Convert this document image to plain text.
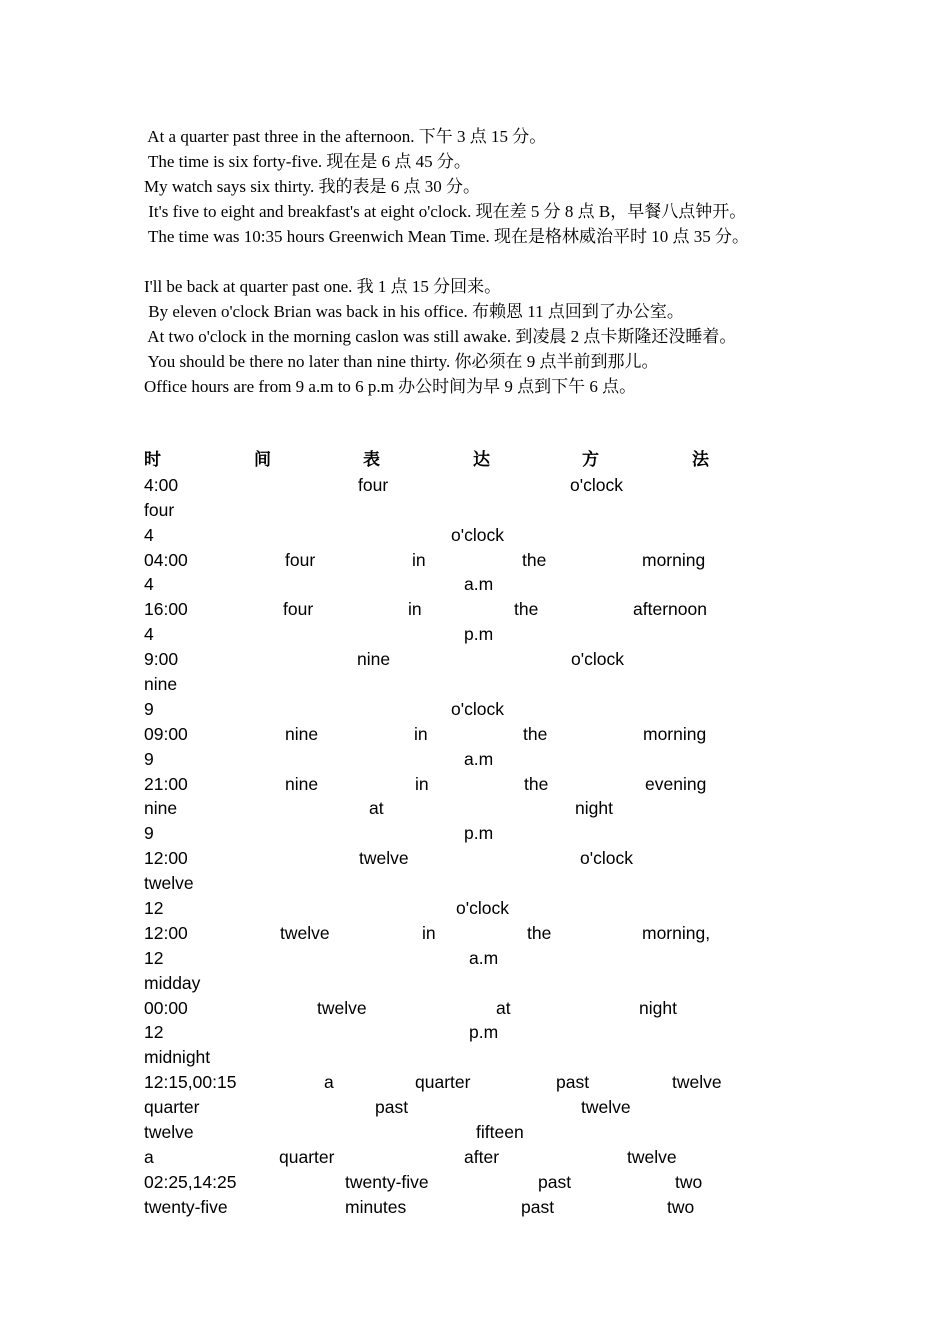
At a quarter past three in the afternoon. 下午 3 点 15 分。
The time is six forty-five. 现在是 6 点 45 分。
My watch says six thirty. 我的表是 6 点 30 分。
It's five to eight and breakfast's at eight o'clock. 现在差 5 分 8 点 B，早餐八点钟开。
The time was 10:35 hours Greenwich Mean Time. 现在是格林威治平时 10 点 35 分。
I'll be back at quarter past one. 我 1 点 15 分回来。
By eleven o'clock Brian was back in his office. 布赖恩 11 点回到了办公室。
At two o'clock in the morning caslon was still awake. 到凌晨 2 点卡斯隆还没睡着。
You should be there no later than nine thirty. 你必须在 9 点半前到那儿。
Office hours are from 9 a.m to 6 p.m 办公时间为早 9 点到下午 6 点。
时	间	表	达	方	法
4:00	four	o'clock
four
4	o'clock
04:00	four	in	the	morning
4	a.m
16:00	four	in	the	afternoon
4	p.m
9:00	nine	o'clock
nine
9	o'clock
09:00	nine	in	the	morning
9	a.m
21:00	nine	in	the	evening
nine	at	night
9	p.m
12:00	twelve	o'clock
twelve
12	o'clock
12:00	twelve	in	the	morning,
12	a.m
midday
00:00	twelve	at	night
12	p.m
midnight
12:15,00:15	a	quarter	past	twelve
quarter	past	twelve
twelve	fifteen
a	quarter	after	twelve
02:25,14:25	twenty-five	past	two
twenty-five	minutes	past	two
